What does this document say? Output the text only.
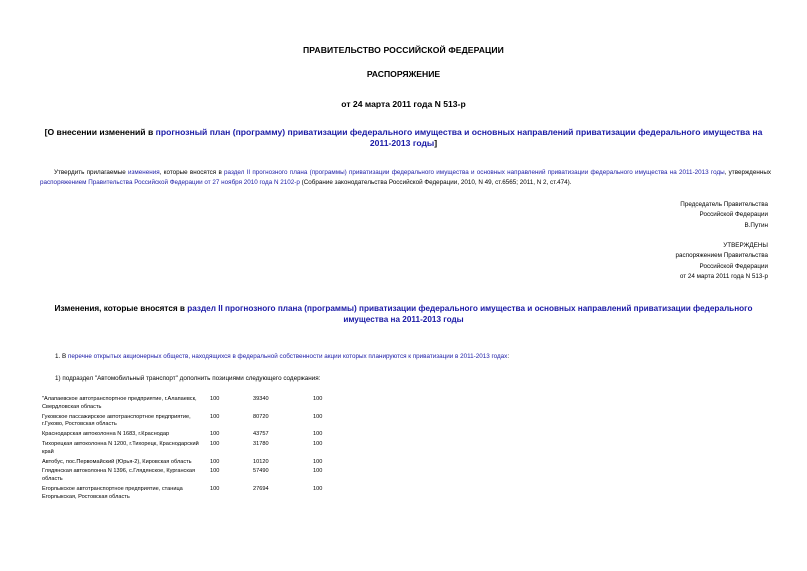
ПРАВИТЕЛЬСТВО РОССИЙСКОЙ ФЕДЕРАЦИИ
РАСПОРЯЖЕНИЕ
от 24 марта 2011 года N 513-р
[О внесении изменений в прогнозный план (программу) приватизации федерального имущества и основных направлений приватизации федерального имущества на 2011-2013 годы]
Утвердить прилагаемые изменения, которые вносятся в раздел II прогнозного плана (программы) приватизации федерального имущества и основных направлений приватизации федерального имущества на 2011-2013 годы, утвержденных распоряжением Правительства Российской Федерации от 27 ноября 2010 года N 2102-р (Собрание законодательства Российской Федерации, 2010, N 49, ст.6565; 2011, N 2, ст.474).
Председатель Правительства
Российской Федерации
В.Путин
УТВЕРЖДЕНЫ
распоряжением Правительства
Российской Федерации
от 24 марта 2011 года N 513-р
Изменения, которые вносятся в раздел II прогнозного плана (программы) приватизации федерального имущества и основных направлений приватизации федерального имущества на 2011-2013 годы
1. В перечне открытых акционерных обществ, находящихся в федеральной собственности акции которых планируются к приватизации в 2011-2013 годах:
1) подраздел "Автомобильный транспорт" дополнить позициями следующего содержания:
"Алапаевское автотранспортное предприятие, г.Алапаевск, Свердловская область	100	39340	100
Гуковское пассажирское автотранспортное предприятие, г.Гуково, Ростовская область	100	80720	100
Краснодарская автоколонна N 1683, г.Краснодар	100	43757	100
Тихорецкая автоколонна N 1200, г.Тихорецк, Краснодарский край	100	31780	100
Автобус, пос.Первомайский (Юрья-2), Кировская область	100	10120	100
Глядянская автоколонна N 1396, с.Глядянское, Курганская область	100	57490	100
Егорлыкское автотранспортное предприятие, станица Егорлыкская, Ростовская область	100	27694	100
